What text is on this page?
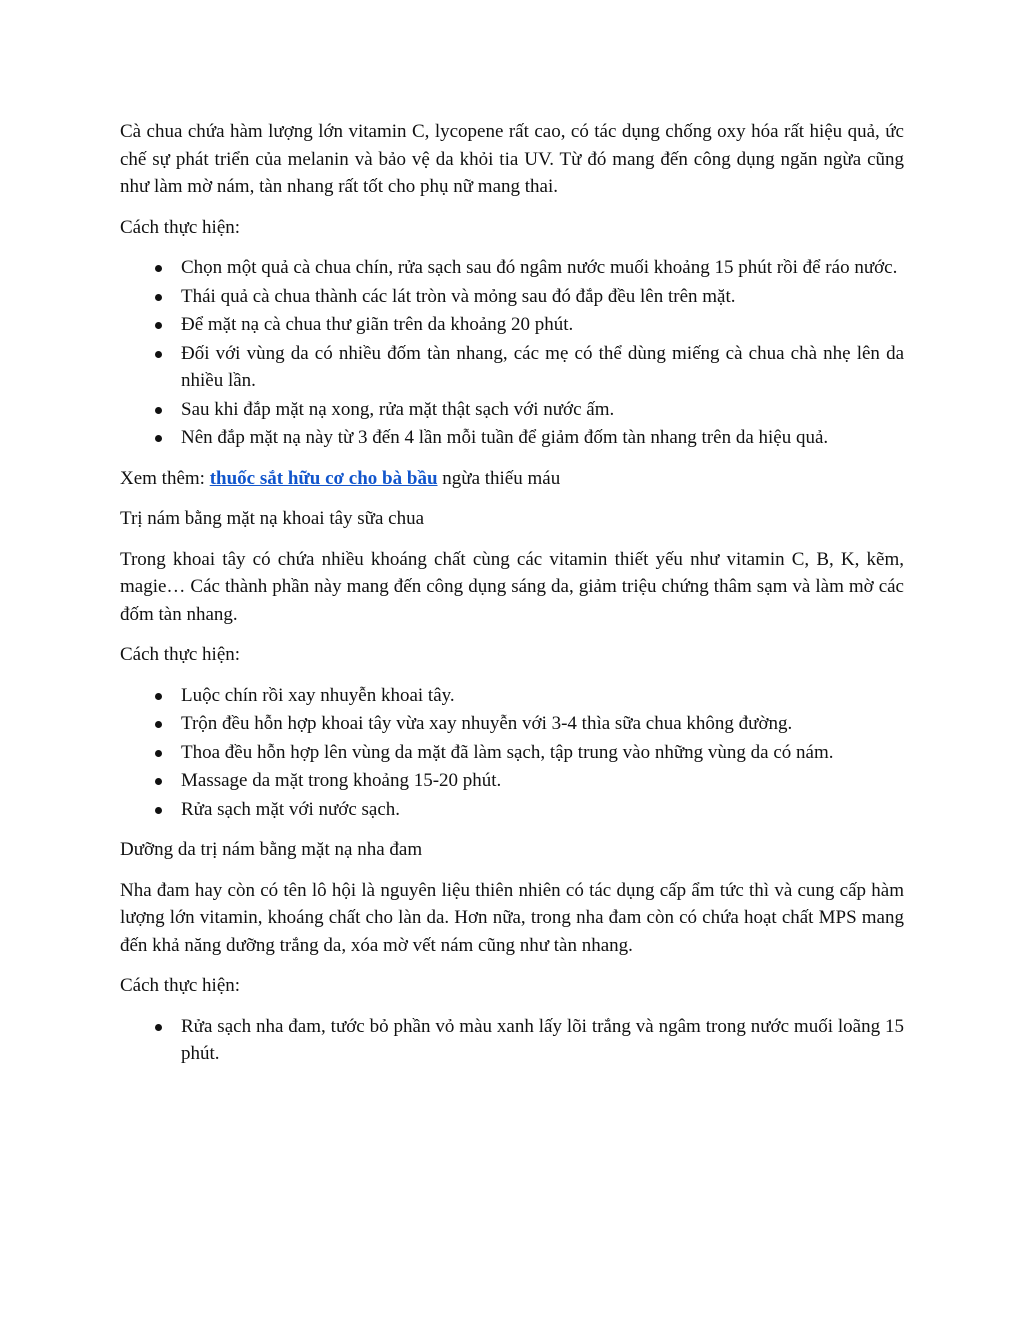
Cà chua chứa hàm lượng lớn vitamin C, lycopene rất cao, có tác dụng chống oxy hóa rất hiệu quả, ức chế sự phát triển của melanin và bảo vệ da khỏi tia UV. Từ đó mang đến công dụng ngăn ngừa cũng như làm mờ nám, tàn nhang rất tốt cho phụ nữ mang thai.

Cách thực hiện:

Chọn một quả cà chua chín, rửa sạch sau đó ngâm nước muối khoảng 15 phút rồi để ráo nước.
Thái quả cà chua thành các lát tròn và mỏng sau đó đắp đều lên trên mặt.
Để mặt nạ cà chua thư giãn trên da khoảng 20 phút.
Đối với vùng da có nhiều đốm tàn nhang, các mẹ có thể dùng miếng cà chua chà nhẹ lên da nhiều lần.
Sau khi đắp mặt nạ xong, rửa mặt thật sạch với nước ấm.
Nên đắp mặt nạ này từ 3 đến 4 lần mỗi tuần để giảm đốm tàn nhang trên da hiệu quả.

Xem thêm: thuốc sắt hữu cơ cho bà bầu ngừa thiếu máu

Trị nám bằng mặt nạ khoai tây sữa chua

Trong khoai tây có chứa nhiều khoáng chất cùng các vitamin thiết yếu như vitamin C, B, K, kẽm, magie… Các thành phần này mang đến công dụng sáng da, giảm triệu chứng thâm sạm và làm mờ các đốm tàn nhang.

Cách thực hiện:

Luộc chín rồi xay nhuyễn khoai tây.
Trộn đều hỗn hợp khoai tây vừa xay nhuyễn với 3-4 thìa sữa chua không đường.
Thoa đều hỗn hợp lên vùng da mặt đã làm sạch, tập trung vào những vùng da có nám.
Massage da mặt trong khoảng 15-20 phút.
Rửa sạch mặt với nước sạch.

Dưỡng da trị nám bằng mặt nạ nha đam

Nha đam hay còn có tên lô hội là nguyên liệu thiên nhiên có tác dụng cấp ẩm tức thì và cung cấp hàm lượng lớn vitamin, khoáng chất cho làn da. Hơn nữa, trong nha đam còn có chứa hoạt chất MPS mang đến khả năng dưỡng trắng da, xóa mờ vết nám cũng như tàn nhang.

Cách thực hiện:

Rửa sạch nha đam, tước bỏ phần vỏ màu xanh lấy lõi trắng và ngâm trong nước muối loãng 15 phút.
